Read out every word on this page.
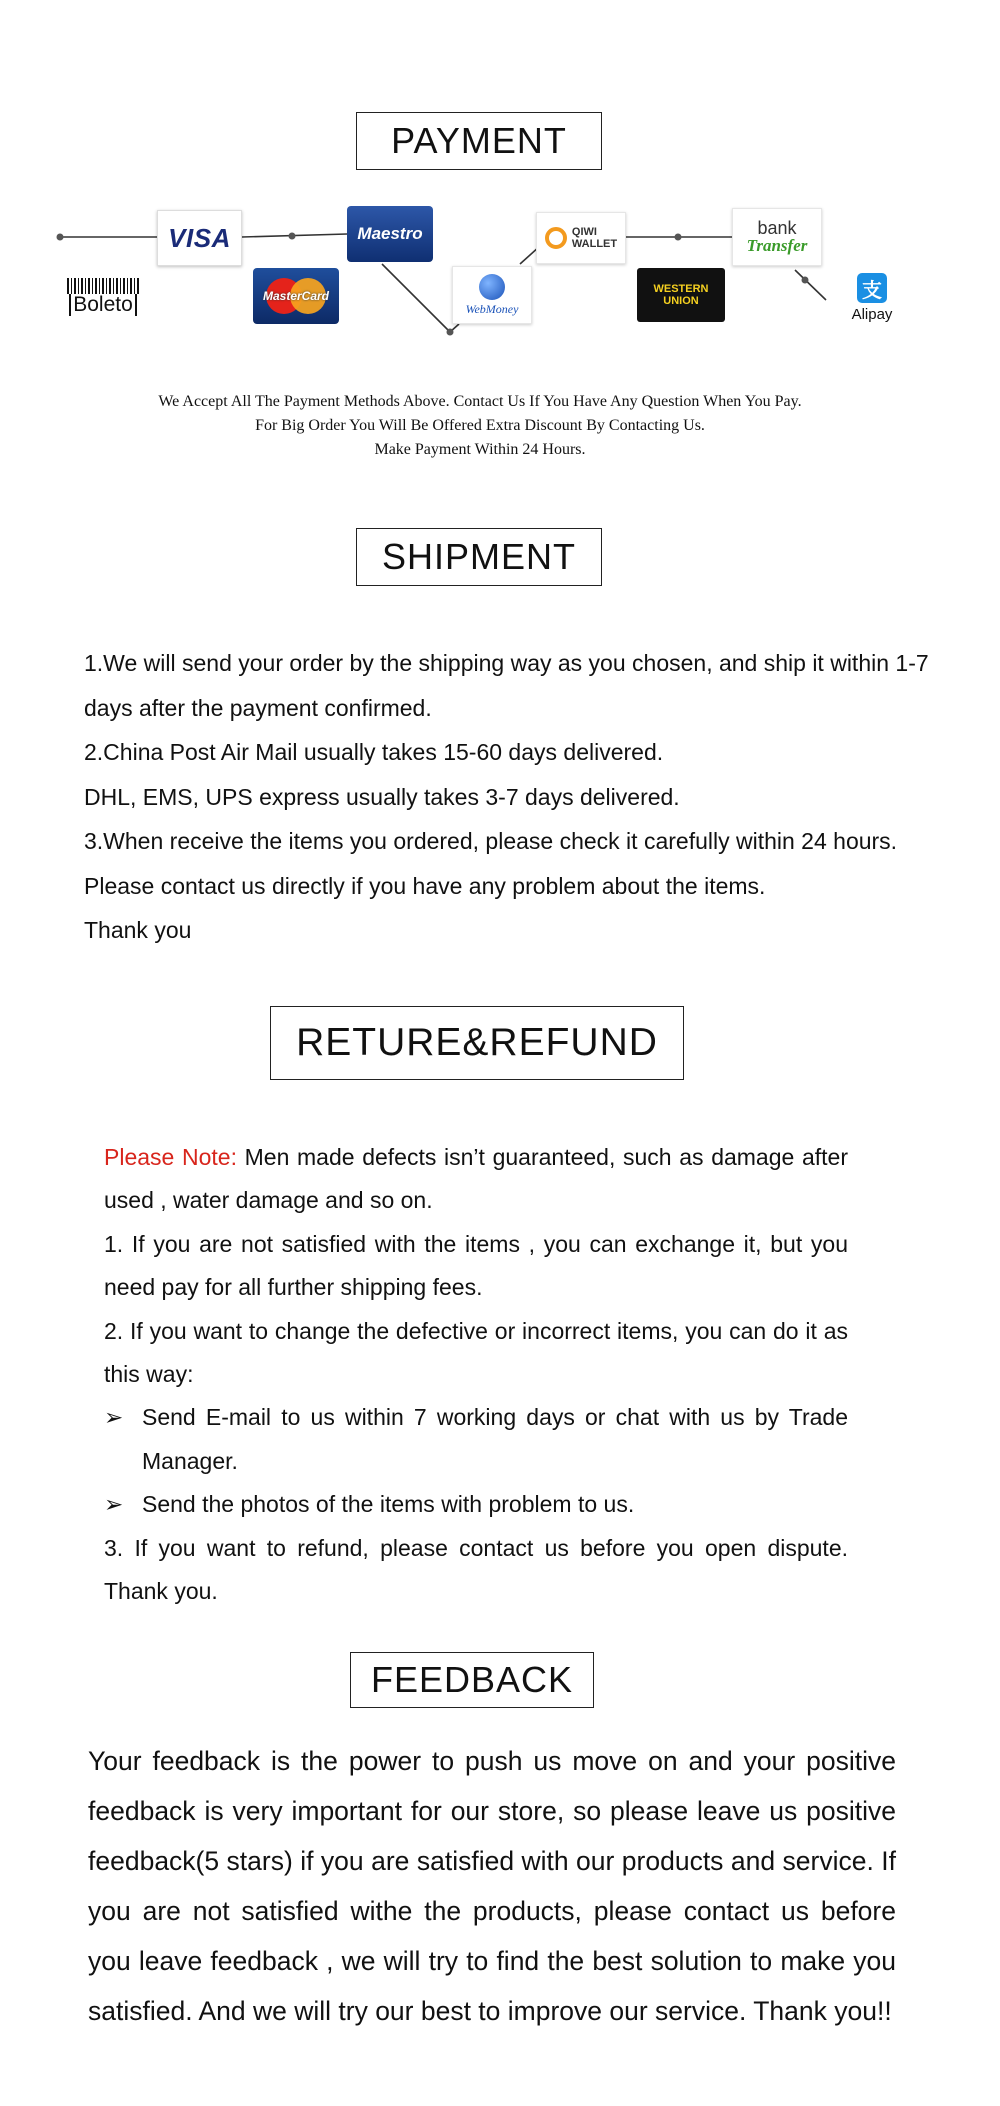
PAYMENT
VISA
Boleto
Maestro
MasterCard
WebMoney
QIWI
WALLET
WESTERN
UNION
bank
Transfer
支
Alipay
We Accept All The Payment Methods Above. Contact Us If You Have Any Question When You Pay.
For Big Order You Will Be Offered Extra Discount By Contacting Us.
Make Payment Within 24 Hours.
SHIPMENT

1.We will send your order by the shipping way as you chosen, and ship it within 1-7 days after the payment confirmed.

2.China Post Air Mail usually takes 15-60 days delivered.

DHL, EMS, UPS express usually takes 3-7 days delivered.

3.When receive the items you ordered, please check it carefully within 24 hours. Please contact us directly if you have any problem about the items.

Thank you

RETURE&REFUND

Please Note: Men made defects isn’t guaranteed, such as damage after used , water damage and so on.

1. If you are not satisfied with the items , you can exchange it, but you need pay for all further shipping fees.

2. If you want to change the defective or incorrect items, you can do it as this way:

➢ Send E-mail to us within 7 working days or chat with us by Trade Manager.

➢ Send the photos of the items with problem to us.

3. If you want to refund, please contact us before you open dispute. Thank you.

FEEDBACK

Your feedback is the power to push us move on and your positive feedback is very important for our store, so please leave us positive feedback(5 stars) if you are satisfied with our products and service. If you are not satisfied withe the products, please contact us before you leave feedback , we will try to find the best solution to make you satisfied. And we will try our best to improve our service. Thank you!!
